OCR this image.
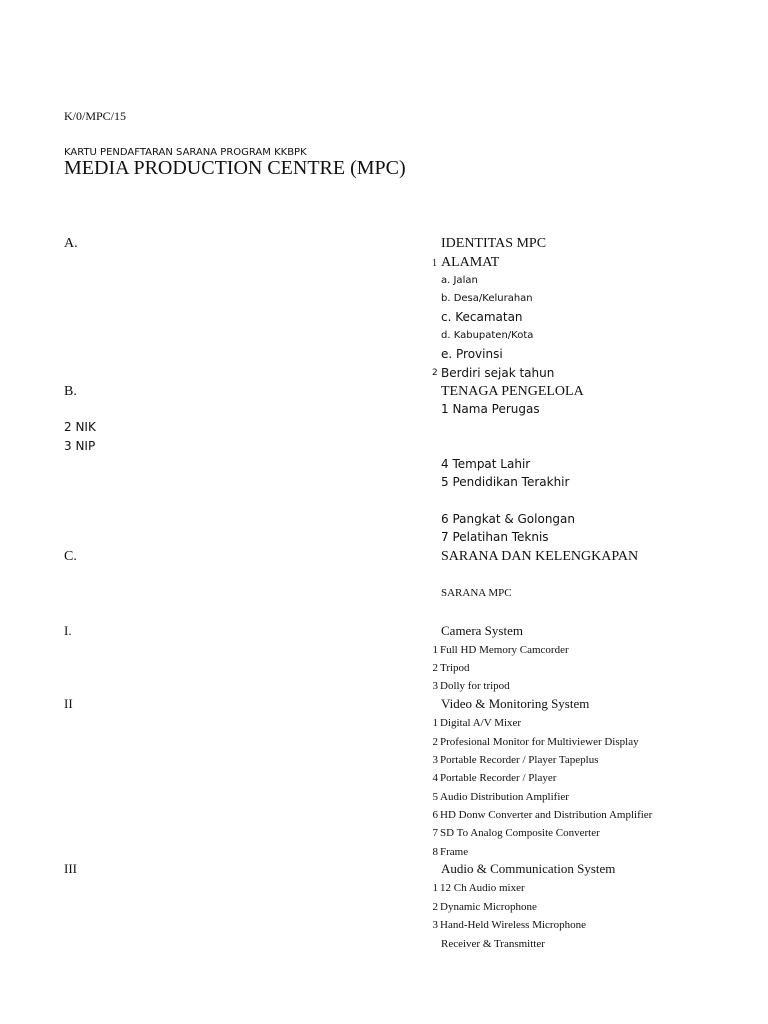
K/0/MPC/15
KARTU PENDAFTARAN SARANA PROGRAM KKBPK
MEDIA PRODUCTION CENTRE (MPC)
A.	IDENTITAS MPC
1 ALAMAT
a. Jalan
b. Desa/Kelurahan
c. Kecamatan
d. Kabupaten/Kota
e. Provinsi
2 Berdiri sejak tahun
B.	TENAGA PENGELOLA
1 Nama Perugas
2 NIK
3 NIP
4 Tempat Lahir
5 Pendidikan Terakhir
6 Pangkat & Golongan
7 Pelatihan Teknis
C.	SARANA DAN KELENGKAPAN
SARANA MPC
I.	Camera System
1 Full HD Memory Camcorder
2 Tripod
3 Dolly for tripod
II	Video & Monitoring System
1 Digital A/V Mixer
2 Profesional Monitor for Multiviewer Display
3 Portable Recorder / Player Tapeplus
4 Portable Recorder / Player
5 Audio Distribution Amplifier
6 HD Donw Converter and Distribution Amplifier
7 SD To Analog Composite Converter
8 Frame
III	Audio & Communication System
1 12 Ch Audio mixer
2 Dynamic Microphone
3 Hand-Held Wireless Microphone
Receiver & Transmitter
